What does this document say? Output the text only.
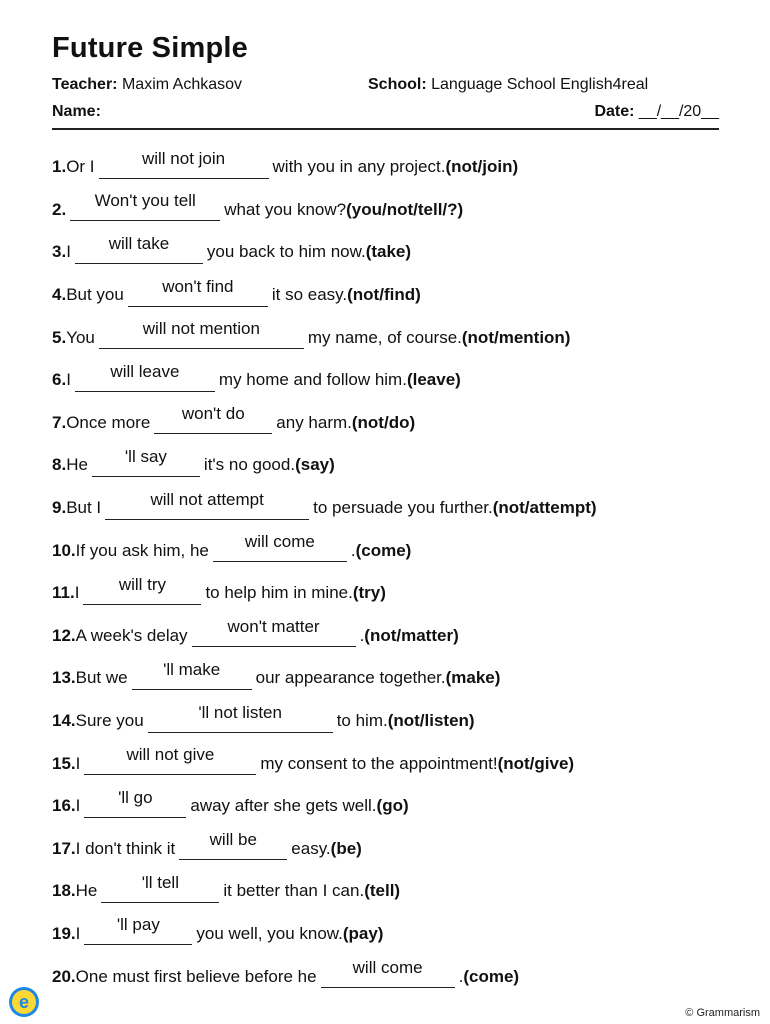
Future Simple
Teacher: Maxim Achkasov	School: Language School English4real
Name:	Date: __/__/20__
1. Or I	will not join	with you in any project. (not/join)
2.	Won't you tell	what you know? (you/not/tell/?)
3. I	will take	you back to him now. (take)
4. But you	won't find	it so easy. (not/find)
5. You	will not mention	my name, of course. (not/mention)
6. I	will leave	my home and follow him. (leave)
7. Once more	won't do	any harm. (not/do)
8. He	'll say	it's no good. (say)
9. But I	will not attempt	to persuade you further. (not/attempt)
10. If you ask him, he	will come	. (come)
11. I	will try	to help him in mine. (try)
12. A week's delay	won't matter	. (not/matter)
13. But we	'll make	our appearance together. (make)
14. Sure you	'll not listen	to him. (not/listen)
15. I	will not give	my consent to the appointment! (not/give)
16. I	'll go	away after she gets well. (go)
17. I don't think it	will be	easy. (be)
18. He	'll tell	it better than I can. (tell)
19. I	'll pay	you well, you know. (pay)
20. One must first believe before he	will come	. (come)
e
© Grammarism
